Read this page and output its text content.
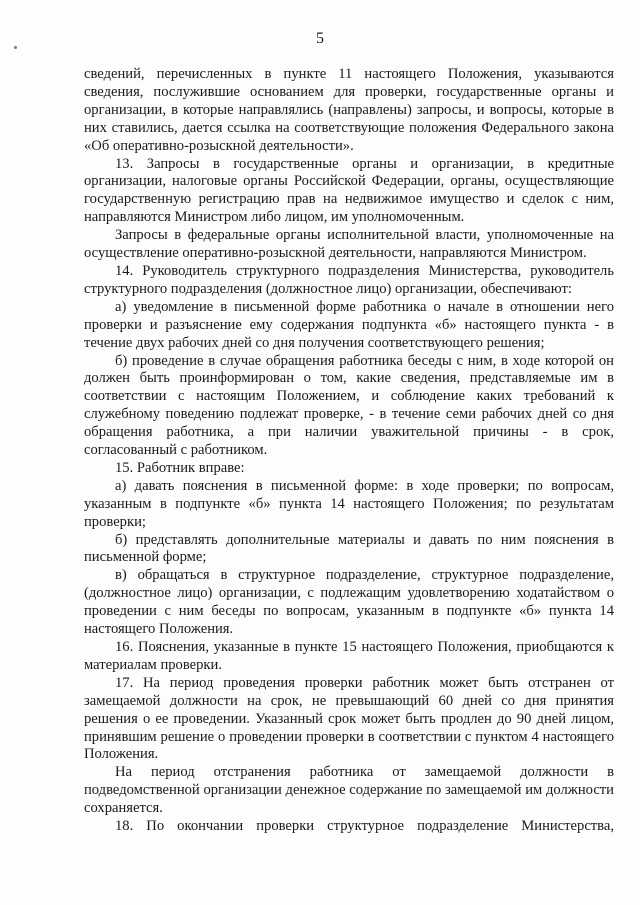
5

сведений, перечисленных в пункте 11 настоящего Положения, указываются сведения, послужившие основанием для проверки, государственные органы и организации, в которые направлялись (направлены) запросы, и вопросы, которые в них ставились, дается ссылка на соответствующие положения Федерального закона «Об оперативно-розыскной деятельности».

13. Запросы в государственные органы и организации, в кредитные организации, налоговые органы Российской Федерации, органы, осуществляющие государственную регистрацию прав на недвижимое имущество и сделок с ним, направляются Министром либо лицом, им уполномоченным.

Запросы в федеральные органы исполнительной власти, уполномоченные на осуществление оперативно-розыскной деятельности, направляются Министром.

14. Руководитель структурного подразделения Министерства, руководитель структурного подразделения (должностное лицо) организации, обеспечивают:

а) уведомление в письменной форме работника о начале в отношении него проверки и разъяснение ему содержания подпункта «б» настоящего пункта - в течение двух рабочих дней со дня получения соответствующего решения;

б) проведение в случае обращения работника беседы с ним, в ходе которой он должен быть проинформирован о том, какие сведения, представляемые им в соответствии с настоящим Положением, и соблюдение каких требований к служебному поведению подлежат проверке, - в течение семи рабочих дней со дня обращения работника, а при наличии уважительной причины - в срок, согласованный с работником.

15. Работник вправе:

а) давать пояснения в письменной форме: в ходе проверки; по вопросам, указанным в подпункте «б» пункта 14 настоящего Положения; по результатам проверки;

б) представлять дополнительные материалы и давать по ним пояснения в письменной форме;

в) обращаться в структурное подразделение, структурное подразделение, (должностное лицо) организации, с подлежащим удовлетворению ходатайством о проведении с ним беседы по вопросам, указанным в подпункте «б» пункта 14 настоящего Положения.

16. Пояснения, указанные в пункте 15 настоящего Положения, приобщаются к материалам проверки.

17. На период проведения проверки работник может быть отстранен от замещаемой должности на срок, не превышающий 60 дней со дня принятия решения о ее проведении. Указанный срок может быть продлен до 90 дней лицом, принявшим решение о проведении проверки в соответствии с пунктом 4 настоящего Положения.

На период отстранения работника от замещаемой должности в подведомственной организации денежное содержание по замещаемой им должности сохраняется.

18. По окончании проверки структурное подразделение Министерства,
